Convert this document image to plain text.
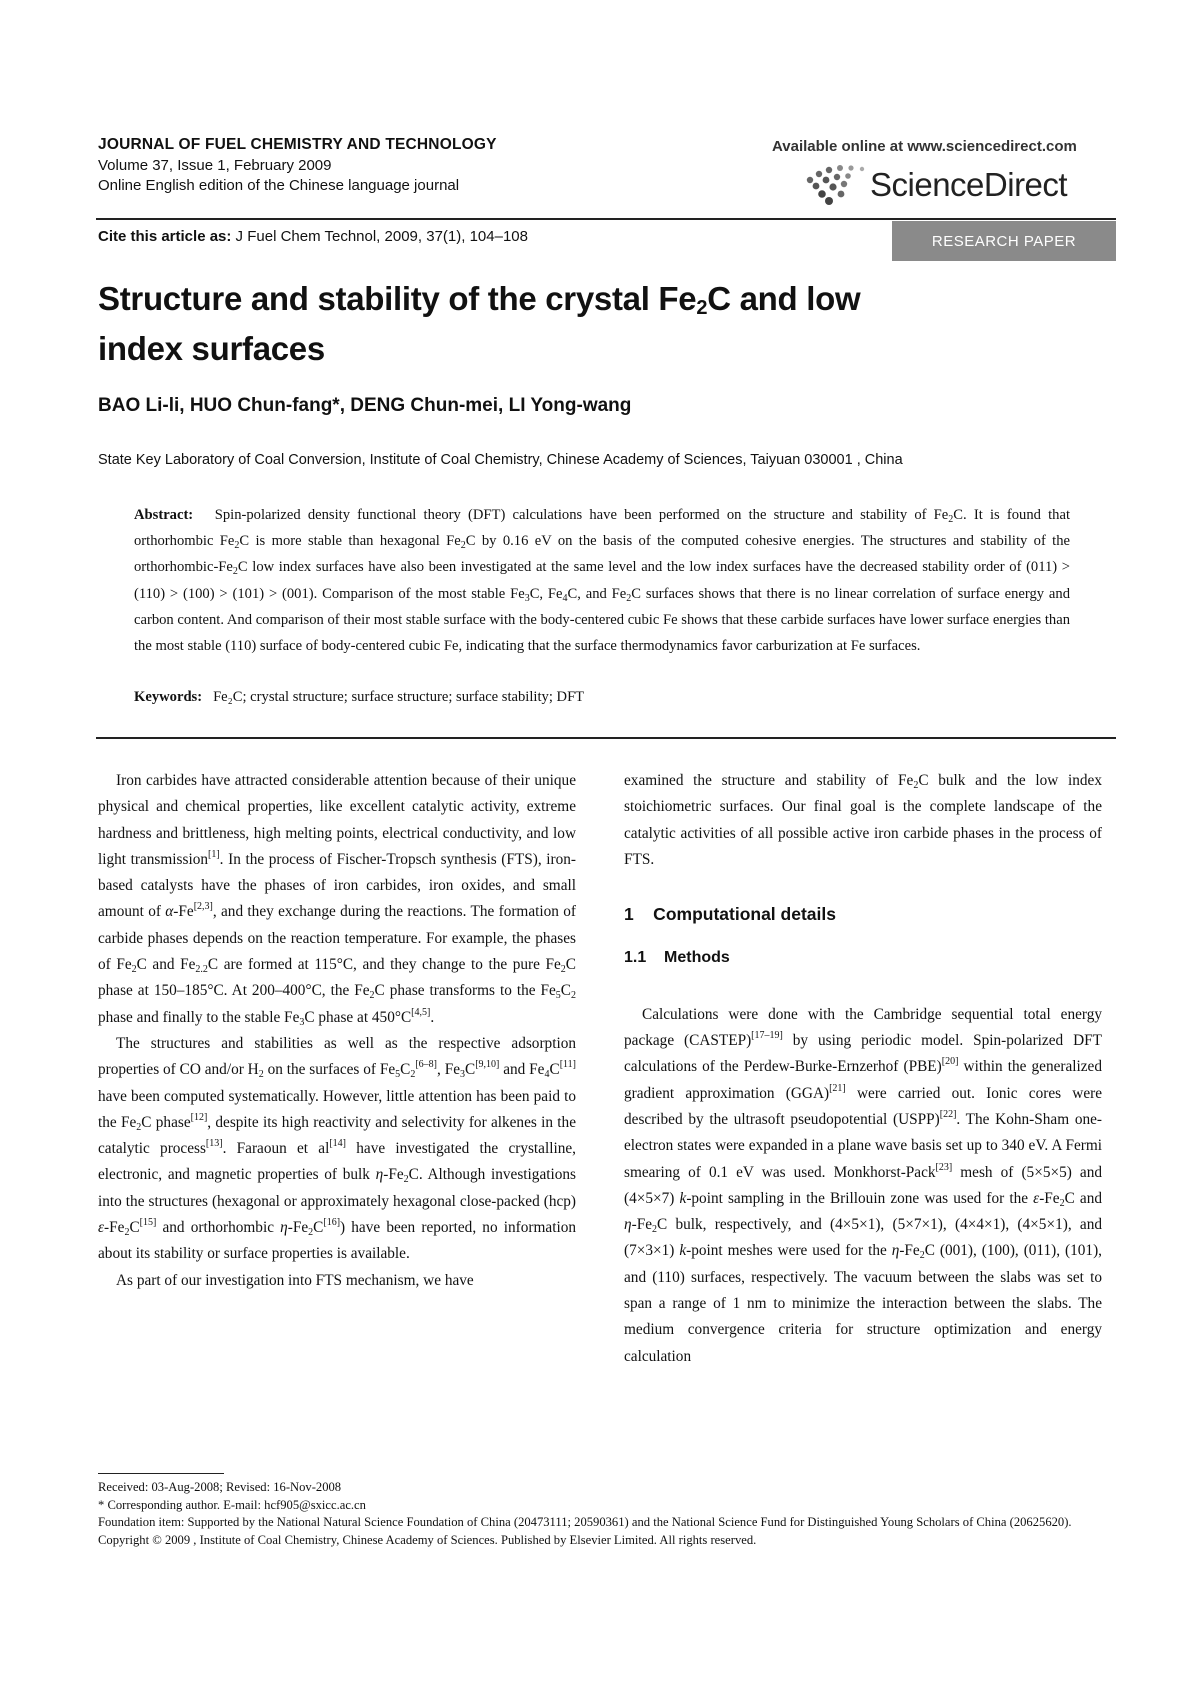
JOURNAL OF FUEL CHEMISTRY AND TECHNOLOGY
Volume 37, Issue 1, February 2009
Online English edition of the Chinese language journal
Available online at www.sciencedirect.com
ScienceDirect
Cite this article as: J Fuel Chem Technol, 2009, 37(1), 104–108	RESEARCH PAPER
Structure and stability of the crystal $Fe_2C$ and low index surfaces
BAO Li-li, HUO Chun-fang*, DENG Chun-mei, LI Yong-wang
State Key Laboratory of Coal Conversion, Institute of Coal Chemistry, Chinese Academy of Sciences, Taiyuan 030001 , China
Abstract:   Spin-polarized density functional theory (DFT) calculations have been performed on the structure and stability of $Fe_2C$. It is found that orthorhombic $Fe_2C$ is more stable than hexagonal $Fe_2C$ by 0.16 eV on the basis of the computed cohesive energies. The structures and stability of the orthorhombic-$Fe_2C$ low index surfaces have also been investigated at the same level and the low index surfaces have the decreased stability order of (011) > (110) > (100) > (101) > (001). Comparison of the most stable $Fe_3C$, $Fe_4C$, and $Fe_2C$ surfaces shows that there is no linear correlation of surface energy and carbon content. And comparison of their most stable surface with the body-centered cubic Fe shows that these carbide surfaces have lower surface energies than the most stable (110) surface of body-centered cubic Fe, indicating that the surface thermodynamics favor carburization at Fe surfaces.
Keywords: Fe₂C; crystal structure; surface structure; surface stability; DFT

Iron carbides have attracted considerable attention because of their unique physical and chemical properties, like excellent catalytic activity, extreme hardness and brittleness, high melting points, electrical conductivity, and low light transmission[1]. In the process of Fischer-Tropsch synthesis (FTS), iron-based catalysts have the phases of iron carbides, iron oxides, and small amount of α-Fe[2,3], and they exchange during the reactions. The formation of carbide phases depends on the reaction temperature. For example, the phases of $Fe_2C$ and $Fe_{2.2}C$ are formed at 115°C, and they change to the pure $Fe_2C$ phase at 150–185°C. At 200–400°C, the $Fe_2C$ phase transforms to the $Fe_5C_2$ phase and finally to the stable $Fe_3C$ phase at 450°C[4,5].

The structures and stabilities as well as the respective adsorption properties of CO and/or $H_2$ on the surfaces of $Fe_5C_2[6-8]$, $Fe_3C[9,10]$ and $Fe_4C[11]$ have been computed systematically. However, little attention has been paid to the $Fe_2C$ phase[12], despite its high reactivity and selectivity for alkenes in the catalytic process[13]. Faraoun et al[14] have investigated the crystalline, electronic, and magnetic properties of bulk $\eta-Fe_2C$. Although investigations into the structures (hexagonal or approximately hexagonal close-packed (hcp) $\varepsilon-Fe_2C[15]$ and orthorhombic $\eta-Fe_2C[16]$) have been reported, no information about its stability or surface properties is available.

As part of our investigation into FTS mechanism, we have

examined the structure and stability of $Fe_2C$ bulk and the low index stoichiometric surfaces. Our final goal is the complete landscape of the catalytic activities of all possible active iron carbide phases in the process of FTS.

1    Computational details
1.1    Methods

Calculations were done with the Cambridge sequential total energy package (CASTEP)[17–19] by using periodic model. Spin-polarized DFT calculations of the Perdew-Burke-Ernzerhof (PBE)[20] within the generalized gradient approximation (GGA)[21] were carried out. Ionic cores were described by the ultrasoft pseudopotential (USPP)[22]. The Kohn-Sham one-electron states were expanded in a plane wave basis set up to 340 eV. A Fermi smearing of 0.1 eV was used. Monkhorst-Pack[23] mesh of (5×5×5) and (4×5×7) k-point sampling in the Brillouin zone was used for the $\varepsilon-Fe_2C$ and $\eta-Fe_2C$ bulk, respectively, and (4×5×1), (5×7×1), (4×4×1), (4×5×1), and (7×3×1) k-point meshes were used for the $\eta-Fe_2C$ (001), (100), (011), (101), and (110) surfaces, respectively. The vacuum between the slabs was set to span a range of 1 nm to minimize the interaction between the slabs. The medium convergence criteria for structure optimization and energy calculation

Received: 03-Aug-2008; Revised: 16-Nov-2008
* Corresponding author. E-mail: hcf905@sxicc.ac.cn
Foundation item: Supported by the National Natural Science Foundation of China (20473111; 20590361) and the National Science Fund for Distinguished Young Scholars of China (20625620).
Copyright © 2009 , Institute of Coal Chemistry, Chinese Academy of Sciences. Published by Elsevier Limited. All rights reserved.
